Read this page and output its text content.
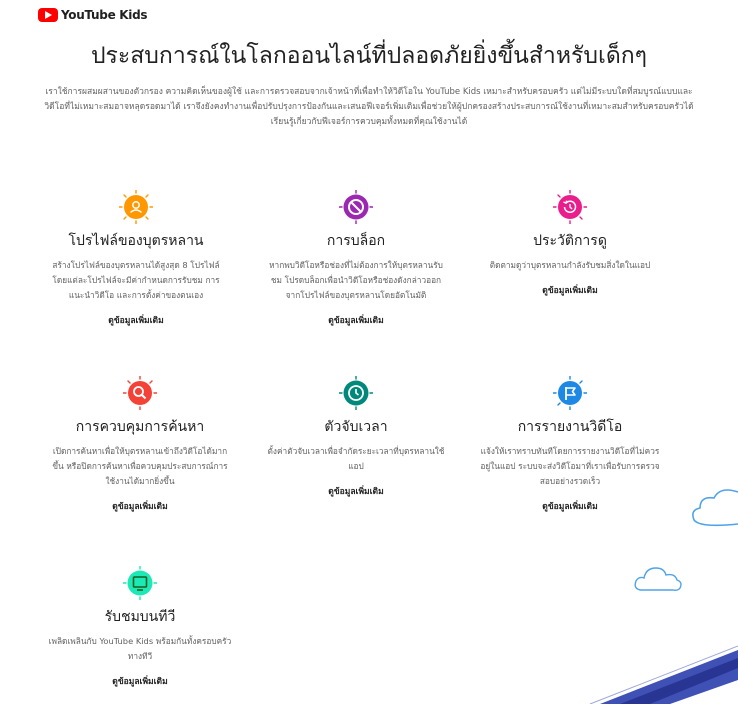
YouTube Kids
ประสบการณ์ในโลกออนไลน์ที่ปลอดภัยยิ่งขึ้นสำหรับเด็กๆ

เราใช้การผสมผสานของตัวกรอง ความคิดเห็นของผู้ใช้ และการตรวจสอบจากเจ้าหน้าที่เพื่อทำให้วิดีโอใน YouTube Kids เหมาะสำหรับครอบครัว แต่ไม่มีระบบใดที่สมบูรณ์แบบและวิดีโอที่ไม่เหมาะสมอาจหลุดรอดมาได้ เราจึงยังคงทำงานเพื่อปรับปรุงการป้องกันและเสนอฟีเจอร์เพิ่มเติมเพื่อช่วยให้ผู้ปกครองสร้างประสบการณ์ใช้งานที่เหมาะสมสำหรับครอบครัวได้ เรียนรู้เกี่ยวกับฟีเจอร์การควบคุมทั้งหมดที่คุณใช้งานได้

โปรไฟล์ของบุตรหลาน

สร้างโปรไฟล์ของบุตรหลานได้สูงสุด 8 โปรไฟล์ โดยแต่ละโปรไฟล์จะมีค่ากำหนดการรับชม การแนะนำวิดีโอ และการตั้งค่าของตนเอง

ดูข้อมูลเพิ่มเติม
การบล็อก

หากพบวิดีโอหรือช่องที่ไม่ต้องการให้บุตรหลานรับชม โปรดบล็อกเพื่อนำวิดีโอหรือช่องดังกล่าวออกจากโปรไฟล์ของบุตรหลานโดยอัตโนมัติ

ดูข้อมูลเพิ่มเติม
ประวัติการดู

ติดตามดูว่าบุตรหลานกำลังรับชมสิ่งใดในแอป

ดูข้อมูลเพิ่มเติม
การควบคุมการค้นหา

เปิดการค้นหาเพื่อให้บุตรหลานเข้าถึงวิดีโอได้มากขึ้น หรือปิดการค้นหาเพื่อควบคุมประสบการณ์การใช้งานได้มากยิ่งขึ้น

ดูข้อมูลเพิ่มเติม
ตัวจับเวลา

ตั้งค่าตัวจับเวลาเพื่อจำกัดระยะเวลาที่บุตรหลานใช้แอป

ดูข้อมูลเพิ่มเติม
การรายงานวิดีโอ

แจ้งให้เราทราบทันทีโดยการรายงานวิดีโอที่ไม่ควรอยู่ในแอป ระบบจะส่งวิดีโอมาที่เราเพื่อรับการตรวจสอบอย่างรวดเร็ว

ดูข้อมูลเพิ่มเติม
รับชมบนทีวี

เพลิดเพลินกับ YouTube Kids พร้อมกันทั้งครอบครัวทางทีวี

ดูข้อมูลเพิ่มเติม
